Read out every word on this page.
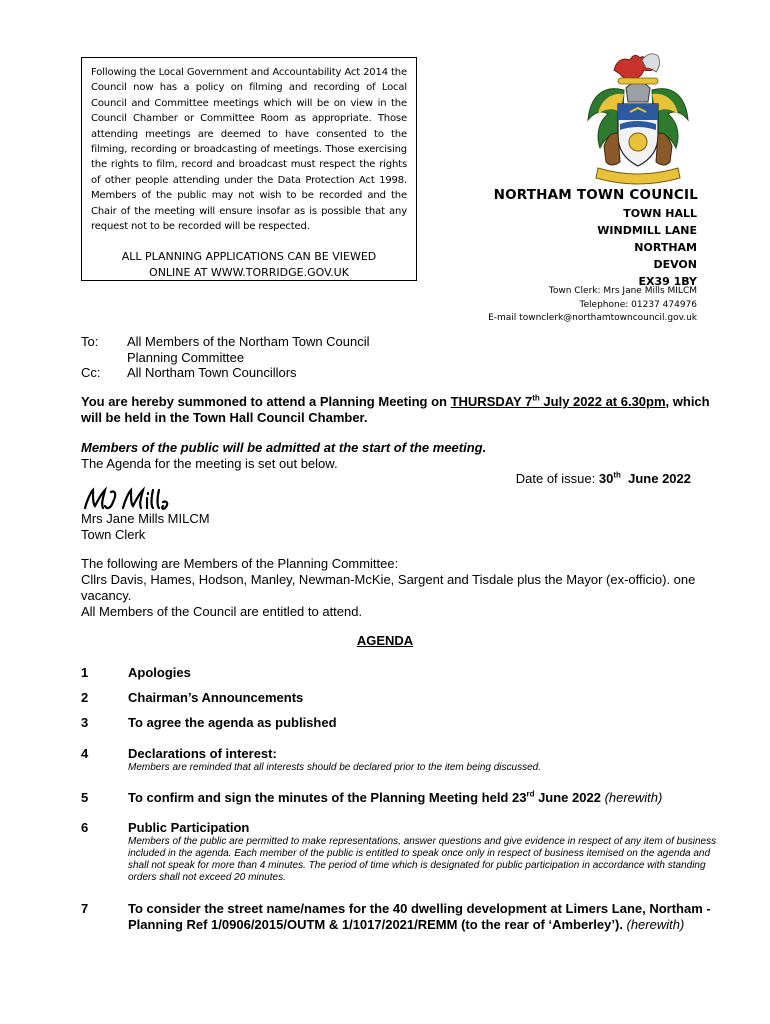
Following the Local Government and Accountability Act 2014 the Council now has a policy on filming and recording of Local Council and Committee meetings which will be on view in the Council Chamber or Committee Room as appropriate. Those attending meetings are deemed to have consented to the filming, recording or broadcasting of meetings. Those exercising the rights to film, record and broadcast must respect the rights of other people attending under the Data Protection Act 1998. Members of the public may not wish to be recorded and the Chair of the meeting will ensure insofar as is possible that any request not to be recorded will be respected.
ALL PLANNING APPLICATIONS CAN BE VIEWED
ONLINE AT WWW.TORRIDGE.GOV.UK
NORTHAM TOWN COUNCIL
TOWN HALL
WINDMILL LANE
NORTHAM
DEVON
EX39 1BY
Town Clerk: Mrs Jane Mills MILCM
Telephone: 01237 474976
E-mail townclerk@northamtowncouncil.gov.uk
To:	All Members of the Northam Town Council
Planning Committee
Cc:	All Northam Town Councillors
You are hereby summoned to attend a Planning Meeting on THURSDAY 7th July 2022 at 6.30pm, which will be held in the Town Hall Council Chamber.
Members of the public will be admitted at the start of the meeting.
The Agenda for the meeting is set out below.
Date of issue: 30th June 2022
Mrs Jane Mills MILCM
Town Clerk
The following are Members of the Planning Committee:
Cllrs Davis, Hames, Hodson, Manley, Newman-McKie, Sargent and Tisdale plus the Mayor (ex-officio). one vacancy.
All Members of the Council are entitled to attend.
AGENDA
1	Apologies
2	Chairman’s Announcements
3	To agree the agenda as published
4	Declarations of interest:
Members are reminded that all interests should be declared prior to the item being discussed.
5	To confirm and sign the minutes of the Planning Meeting held 23rd June 2022 (herewith)
6	Public Participation
Members of the public are permitted to make representations, answer questions and give evidence in respect of any item of business included in the agenda. Each member of the public is entitled to speak once only in respect of business itemised on the agenda and shall not speak for more than 4 minutes. The period of time which is designated for public participation in accordance with standing orders shall not exceed 20 minutes.
7	To consider the street name/names for the 40 dwelling development at Limers Lane, Northam - Planning Ref 1/0906/2015/OUTM & 1/1017/2021/REMM (to the rear of ‘Amberley’). (herewith)
